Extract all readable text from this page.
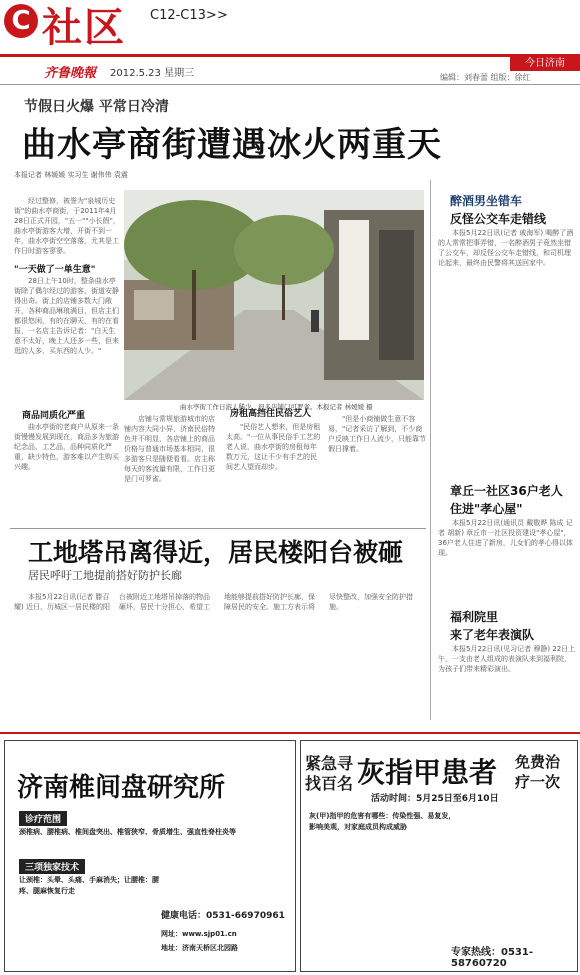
C 社区 C12-C13>>
齐鲁晚報 2012.5.23 星期三
今日济南
编辑：刘春蕾 组版：徐红
节假日火爆 平常日冷清
曲水亭商街遭遇冰火两重天
本报记者 林媛媛 实习生 谢伟伟 袁震

经过整修，被誉为"泉城历史街"的曲水亭商街，于2011年4月28日正式开园，"五一""小长假"，曲水亭街游客大增，开街不到一年，曲水亭街空空落落，尤其是工作日时游客寥寥。

"一天做了一单生意"

28日上午10时，整条曲水亭街除了偶尔经过的游客，街道安静得出奇。街上的店铺多数大门敞开，各种商品琳琅满目，但店主们都很悠闲，有的在聊天，有的在看报，一名店主告诉记者："白天生意不太好，晚上人还多一些，但来逛的人多，买东西的人少。"

商品同质化严重

曲水亭街的老商户从原来一条街慢慢发展到现在，商品多为旅游纪念品、工艺品，品种同质化严重，缺少特色，游客难以产生购买兴趣。

曲水亭街工作日游人稀少，很多店铺门可罗雀。本报记者 林媛媛 摄

店铺与常规旅游城市的店铺内容大同小异，济南民俗特色并不明显，各店铺上的商品价格与普通市场基本相同，很多游客只是随便看看。店主称每天的客流量有限，工作日更是门可罗雀。

房租高挡住民俗艺人

"民俗艺人想来，但是房租太高。"一位从事民俗手工艺的老人说，曲水亭街的房租每年数万元，这让不少有手艺的民间艺人望而却步。

"但是小商铺做生意不容易，"记者采访了解到，不少商户反映工作日人流少，只能靠节假日撑着。

醉酒男坐错车
反怪公交车走错线

本报5月22日讯(记者 戚海军) 喝醉了酒的人常常把事弄错，一名醉酒男子竟然坐错了公交车，却反怪公交车走错线，和司机理论起来，最终由民警将其送回家中。

章丘一社区36户老人
住进"孝心屋"

本报5月22日讯(通讯员 戴敬晔 陈成 记者 胡新) 章丘市一社区投资建设"孝心屋"，36户老人住进了新房，儿女们的孝心得以体现。

福利院里
来了老年表演队

本报5月22日讯(见习记者 穆静) 22日上午，一支由老人组成的表演队来到福利院，为孩子们带来精彩演出。

工地塔吊离得近，居民楼阳台被砸
居民呼吁工地提前搭好防护长廊

本报5月22日讯(记者 滕召耀) 近日，历城区一居民楼的阳台被附近工地塔吊掉落的物品砸坏，居民十分担心，希望工地能够提前搭好防护长廊，保障居民的安全。施工方表示将尽快整改，加强安全防护措施。

济南椎间盘研究所
诊疗范围
颈椎病、腰椎病、椎间盘突出、椎管狭窄、骨质增生、强直性脊柱炎等
三项独家技术
让颈椎：头晕、头痛、手麻消失；让腰椎：腰疼、腿麻恢复行走
健康电话：0531-66970961
网址：www.sjp01.cn
地址：济南天桥区北园路
紧急寻
找百名 灰指甲患者 免费治
疗一次
活动时间：5月25日至6月10日
灰(甲)指甲的危害有哪些：传染性强、易复发，影响美观，对家庭成员构成威胁
专家热线：0531-58760720
